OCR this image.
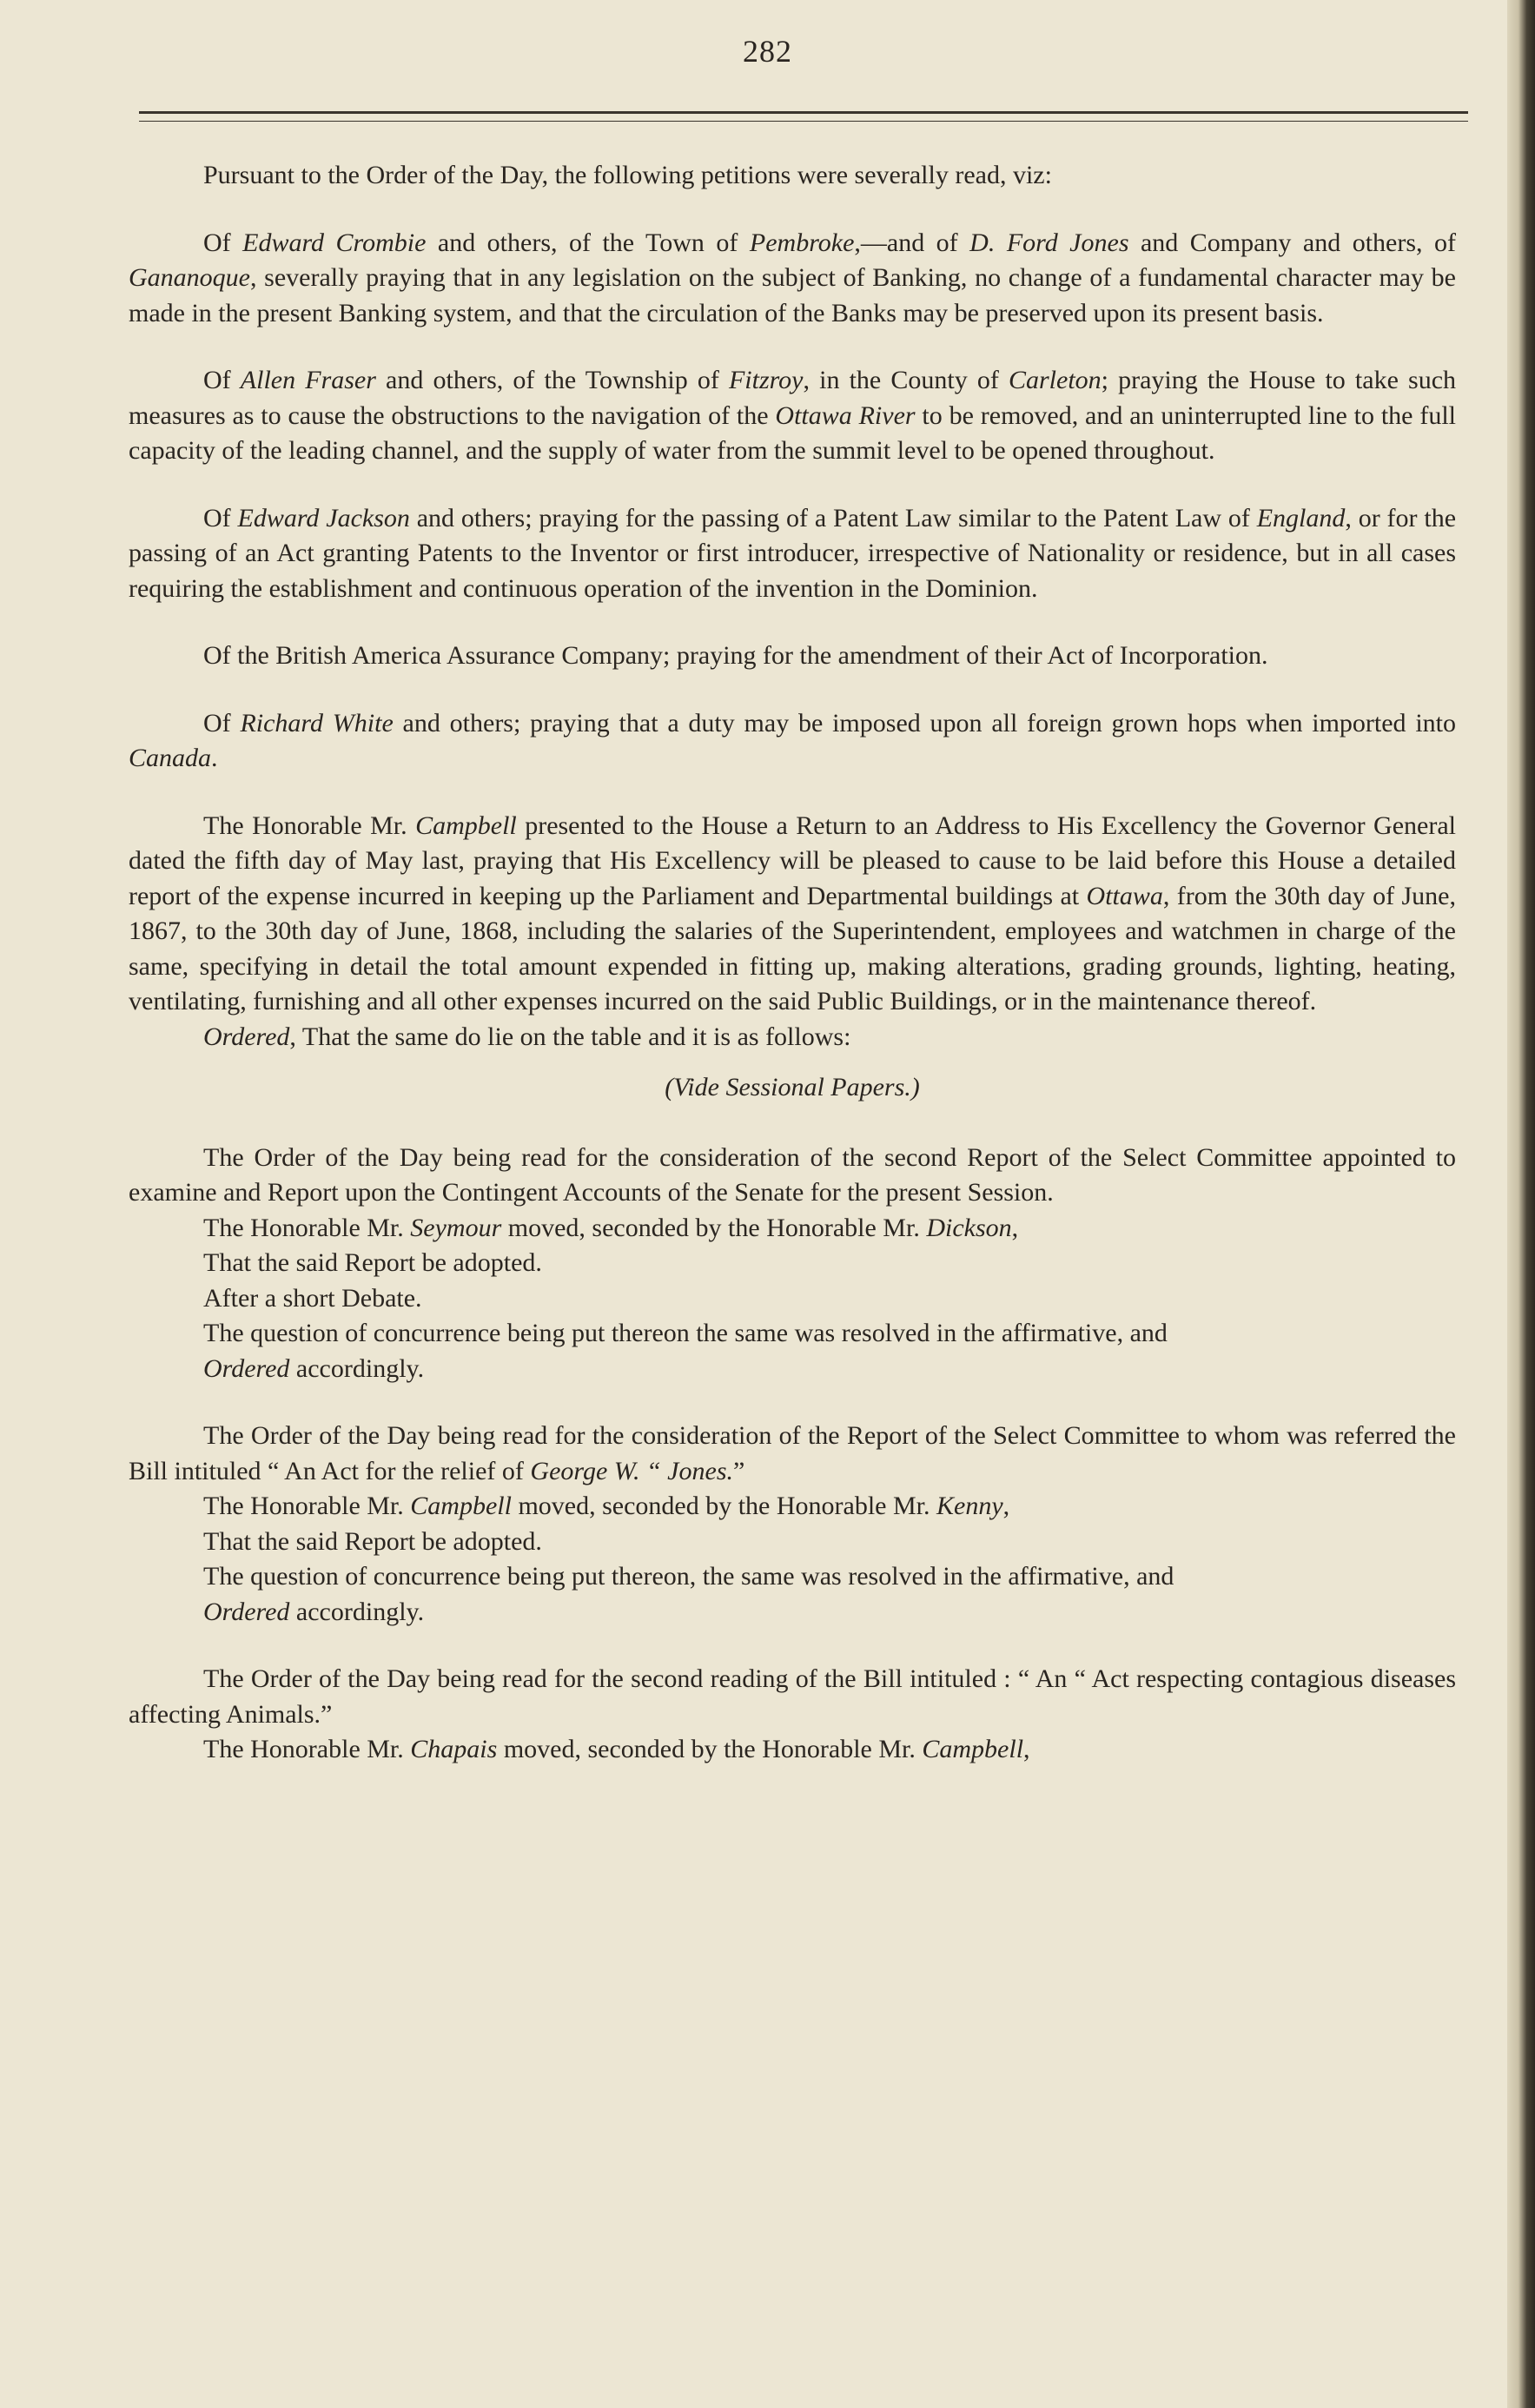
282

Pursuant to the Order of the Day, the following petitions were severally read, viz:

Of Edward Crombie and others, of the Town of Pembroke,—and of D. Ford Jones and Company and others, of Gananoque, severally praying that in any legislation on the subject of Banking, no change of a fundamental character may be made in the present Banking system, and that the circulation of the Banks may be preserved upon its present basis.

Of Allen Fraser and others, of the Township of Fitzroy, in the County of Carleton; praying the House to take such measures as to cause the obstructions to the navigation of the Ottawa River to be removed, and an uninterrupted line to the full capacity of the leading channel, and the supply of water from the summit level to be opened throughout.

Of Edward Jackson and others; praying for the passing of a Patent Law similar to the Patent Law of England, or for the passing of an Act granting Patents to the Inventor or first introducer, irrespective of Nationality or residence, but in all cases requiring the establishment and continuous operation of the invention in the Dominion.

Of the British America Assurance Company; praying for the amendment of their Act of Incorporation.

Of Richard White and others; praying that a duty may be imposed upon all foreign grown hops when imported into Canada.

The Honorable Mr. Campbell presented to the House a Return to an Address to His Excellency the Governor General dated the fifth day of May last, praying that His Excellency will be pleased to cause to be laid before this House a detailed report of the expense incurred in keeping up the Parliament and Departmental buildings at Ottawa, from the 30th day of June, 1867, to the 30th day of June, 1868, including the salaries of the Superintendent, employees and watchmen in charge of the same, specifying in detail the total amount expended in fitting up, making alterations, grading grounds, lighting, heating, ventilating, furnishing and all other expenses incurred on the said Public Buildings, or in the maintenance thereof.

Ordered, That the same do lie on the table and it is as follows:

(Vide Sessional Papers.)

The Order of the Day being read for the consideration of the second Report of the Select Committee appointed to examine and Report upon the Contingent Accounts of the Senate for the present Session.

The Honorable Mr. Seymour moved, seconded by the Honorable Mr. Dickson,

That the said Report be adopted.

After a short Debate.

The question of concurrence being put thereon the same was resolved in the affirmative, and

Ordered accordingly.

The Order of the Day being read for the consideration of the Report of the Select Committee to whom was referred the Bill intituled “ An Act for the relief of George W. “ Jones.”

The Honorable Mr. Campbell moved, seconded by the Honorable Mr. Kenny,

That the said Report be adopted.

The question of concurrence being put thereon, the same was resolved in the affirmative, and

Ordered accordingly.

The Order of the Day being read for the second reading of the Bill intituled : “ An “ Act respecting contagious diseases affecting Animals.”

The Honorable Mr. Chapais moved, seconded by the Honorable Mr. Campbell,
